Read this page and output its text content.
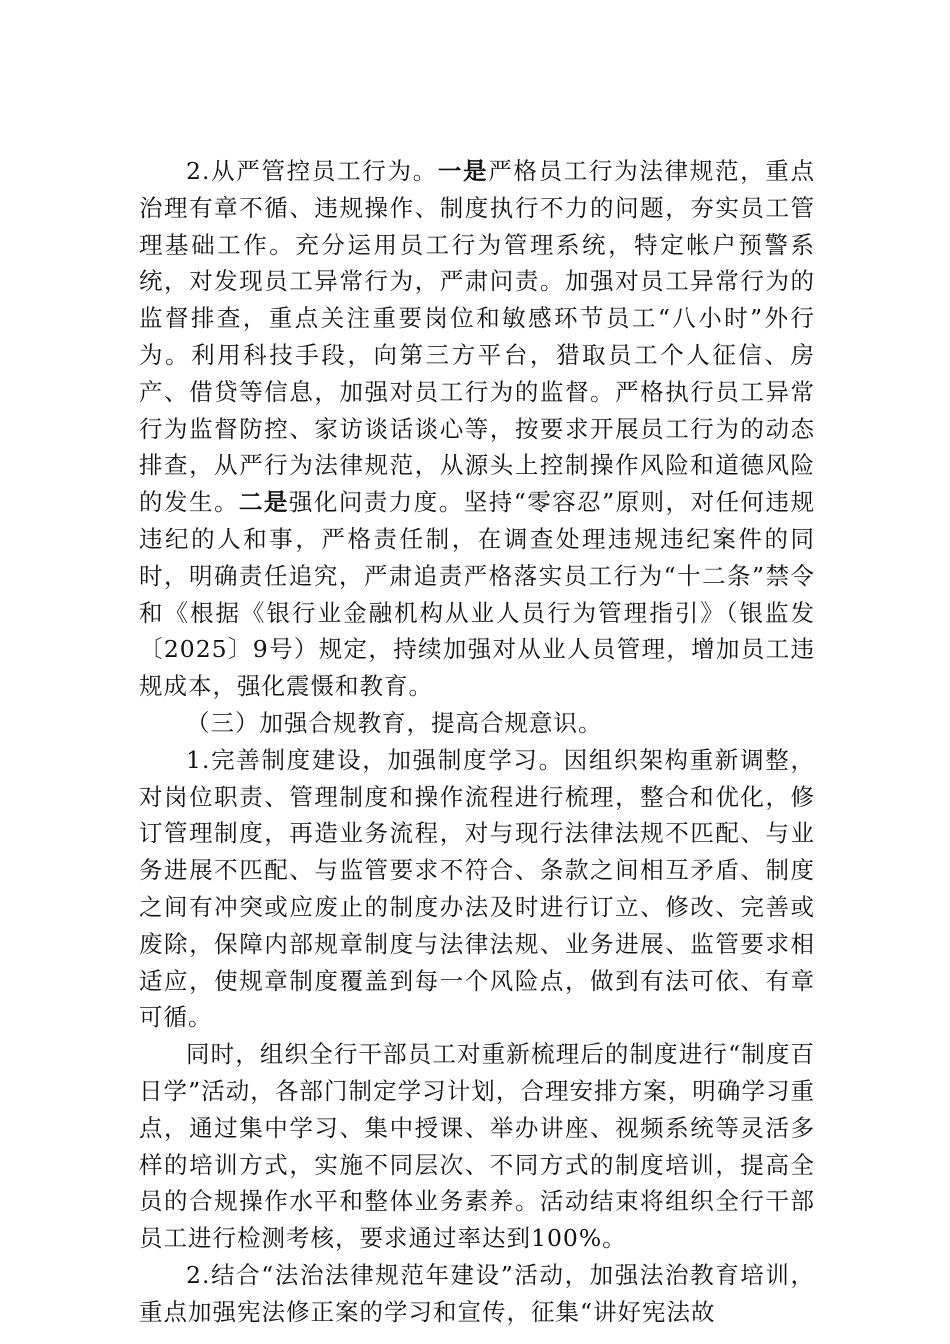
2.从严管控员工行为。一是严格员工行为法律规范，重点治理有章不循、违规操作、制度执行不力的问题，夯实员工管理基础工作。充分运用员工行为管理系统，特定帐户预警系统，对发现员工异常行为，严肃问责。加强对员工异常行为的监督排查，重点关注重要岗位和敏感环节员工“八小时”外行为。利用科技手段，向第三方平台，猎取员工个人征信、房产、借贷等信息，加强对员工行为的监督。严格执行员工异常行为监督防控、家访谈话谈心等，按要求开展员工行为的动态排查，从严行为法律规范，从源头上控制操作风险和道德风险的发生。二是强化问责力度。坚持“零容忍”原则，对任何违规违纪的人和事，严格责任制，在调查处理违规违纪案件的同时，明确责任追究，严肃追责严格落实员工行为“十二条”禁令和《根据《银行业金融机构从业人员行为管理指引》（银监发〔2025〕9号）规定，持续加强对从业人员管理，增加员工违规成本，强化震慑和教育。

（三）加强合规教育，提高合规意识。

1.完善制度建设，加强制度学习。因组织架构重新调整，对岗位职责、管理制度和操作流程进行梳理，整合和优化，修订管理制度，再造业务流程，对与现行法律法规不匹配、与业务进展不匹配、与监管要求不符合、条款之间相互矛盾、制度之间有冲突或应废止的制度办法及时进行订立、修改、完善或废除，保障内部规章制度与法律法规、业务进展、监管要求相适应，使规章制度覆盖到每一个风险点，做到有法可依、有章可循。

同时，组织全行干部员工对重新梳理后的制度进行“制度百日学”活动，各部门制定学习计划，合理安排方案，明确学习重点，通过集中学习、集中授课、举办讲座、视频系统等灵活多样的培训方式，实施不同层次、不同方式的制度培训，提高全员的合规操作水平和整体业务素养。活动结束将组织全行干部员工进行检测考核，要求通过率达到100%。

2.结合“法治法律规范年建设”活动，加强法治教育培训，重点加强宪法修正案的学习和宣传，征集“讲好宪法故
